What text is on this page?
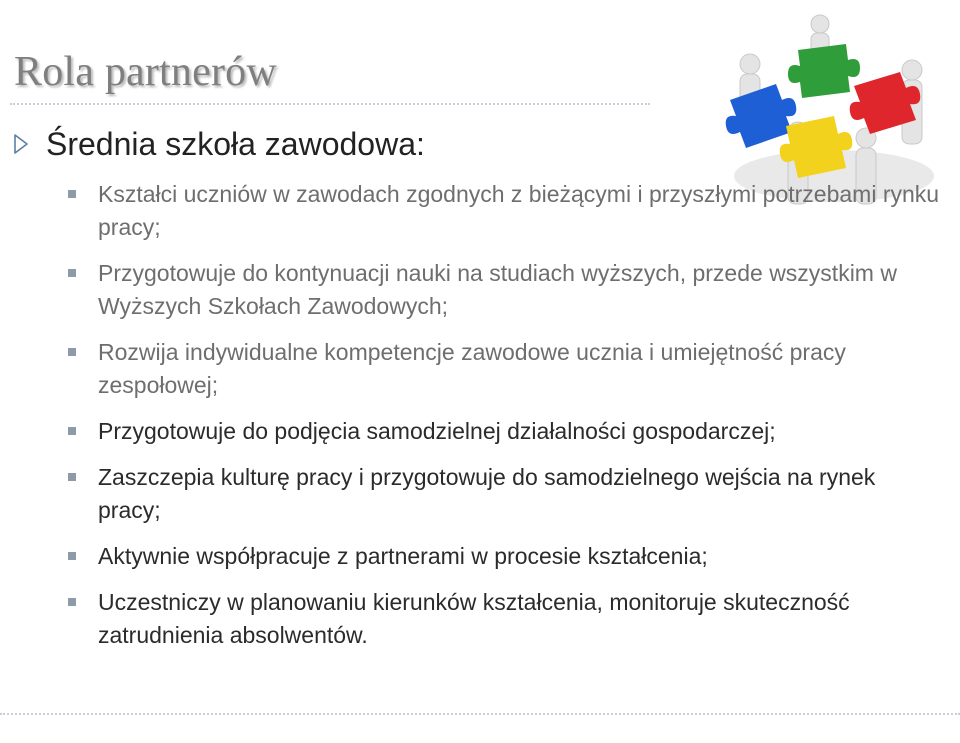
Rola partnerów
Średnia szkoła zawodowa:
Kształci uczniów w zawodach zgodnych z bieżącymi i przyszłymi potrzebami rynku pracy;
Przygotowuje do kontynuacji nauki na studiach wyższych, przede wszystkim w Wyższych Szkołach Zawodowych;
Rozwija indywidualne kompetencje zawodowe ucznia i umiejętność pracy zespołowej;
Przygotowuje do podjęcia samodzielnej działalności gospodarczej;
Zaszczepia kulturę pracy i przygotowuje do samodzielnego wejścia na rynek pracy;
Aktywnie współpracuje z partnerami w procesie kształcenia;
Uczestniczy w planowaniu kierunków kształcenia, monitoruje skuteczność zatrudnienia absolwentów.
